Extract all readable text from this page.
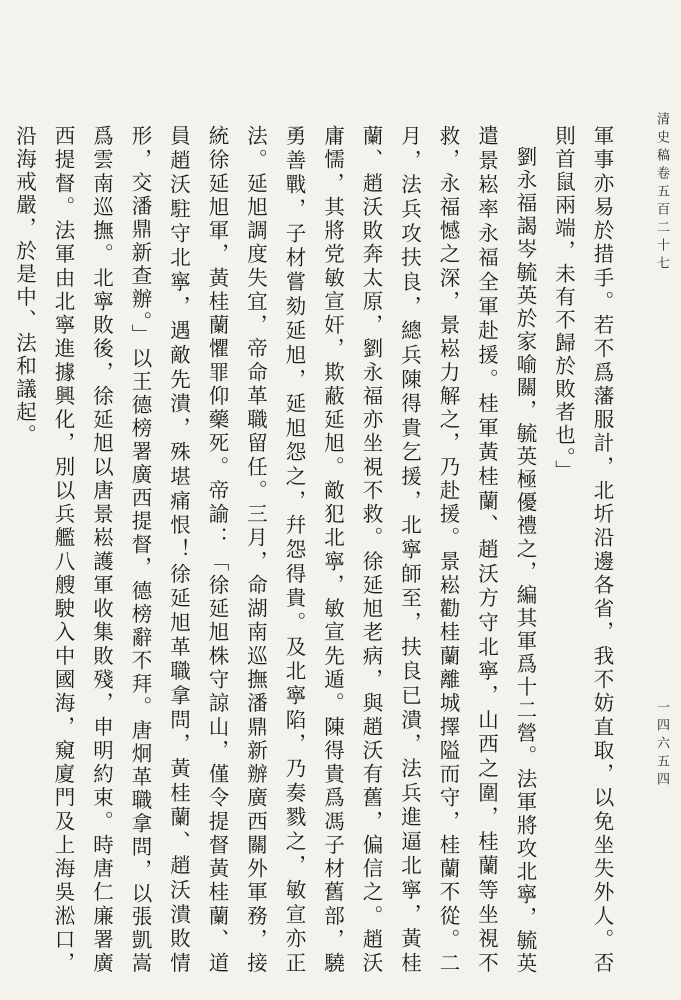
清史稿卷五百二十七
一四六五四

軍事亦易於措手。若不爲藩服計，北圻沿邊各省，我不妨直取，以免坐失外人。否則首鼠兩端，未有不歸於敗者也。」

劉永福謁岑毓英於家喻關，毓英極優禮之，編其軍爲十二營。法軍將攻北寧，毓英遣景崧率永福全軍赴援。桂軍黃桂蘭、趙沃方守北寧，山西之圍，桂蘭等坐視不救，永福憾之深，景崧力解之，乃赴援。景崧勸桂蘭離城擇隘而守，桂蘭不從。二月，法兵攻扶良，總兵陳得貴乞援，北寧師至，扶良已潰，法兵進逼北寧，黃桂蘭、趙沃敗奔太原，劉永福亦坐視不救。徐延旭老病，與趙沃有舊，偏信之。趙沃庸懦，其將党敏宣奸，欺蔽延旭。敵犯北寧，敏宣先遁。陳得貴爲馮子材舊部，驍勇善戰，子材嘗劾延旭，延旭怨之，幷怨得貴。及北寧陷，乃奏戮之，敏宣亦正法。延旭調度失宜，帝命革職留任。三月，命湖南巡撫潘鼎新辦廣西關外軍務，接統徐延旭軍，黃桂蘭懼罪仰藥死。帝諭：「徐延旭株守諒山，僅令提督黃桂蘭、道員趙沃駐守北寧，遇敵先潰，殊堪痛恨！徐延旭革職拿問，黃桂蘭、趙沃潰敗情形，交潘鼎新查辦。」以王德榜署廣西提督，德榜辭不拜。唐炯革職拿問，以張凱嵩爲雲南巡撫。北寧敗後，徐延旭以唐景崧護軍收集敗殘，申明約束。時唐仁廉署廣西提督。法軍由北寧進據興化，別以兵艦八艘駛入中國海，窺廈門及上海吳淞口，沿海戒嚴，於是中、法和議起。
